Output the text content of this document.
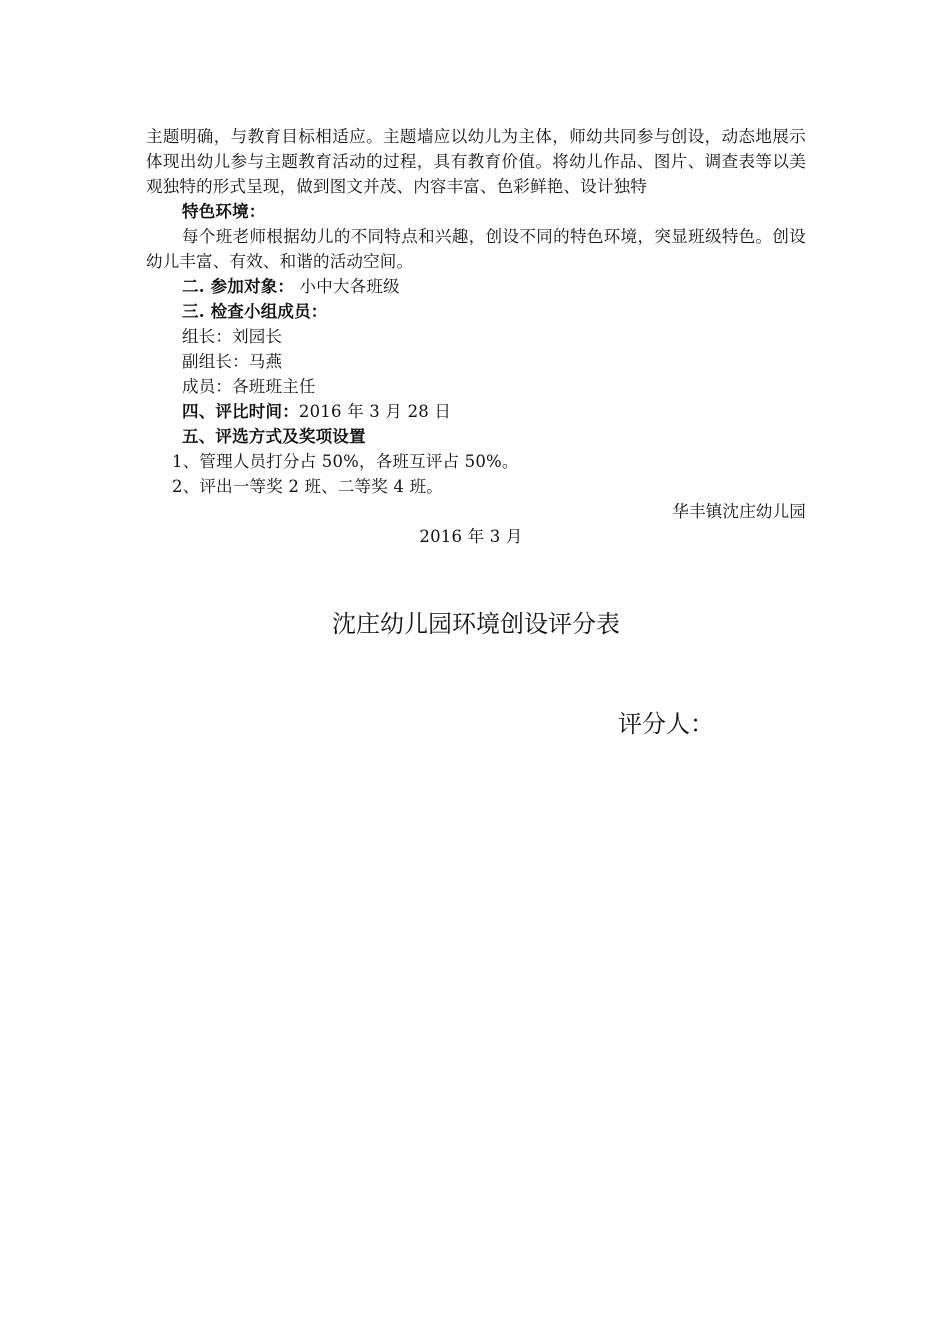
主题明确，与教育目标相适应。主题墙应以幼儿为主体，师幼共同参与创设，动态地展示体现出幼儿参与主题教育活动的过程，具有教育价值。将幼儿作品、图片、调查表等以美观独特的形式呈现，做到图文并茂、内容丰富、色彩鲜艳、设计独特

特色环境：

每个班老师根据幼儿的不同特点和兴趣，创设不同的特色环境，突显班级特色。创设幼儿丰富、有效、和谐的活动空间。

二. 参加对象： 小中大各班级

三. 检查小组成员：

组长：刘园长

副组长：马燕

成员：各班班主任

四、评比时间：2016 年 3 月 28 日

五、评选方式及奖项设置

1、管理人员打分占 50%，各班互评占 50%。

2、评出一等奖 2 班、二等奖 4 班。

华丰镇沈庄幼儿园

2016 年 3 月

沈庄幼儿园环境创设评分表
评分人：
